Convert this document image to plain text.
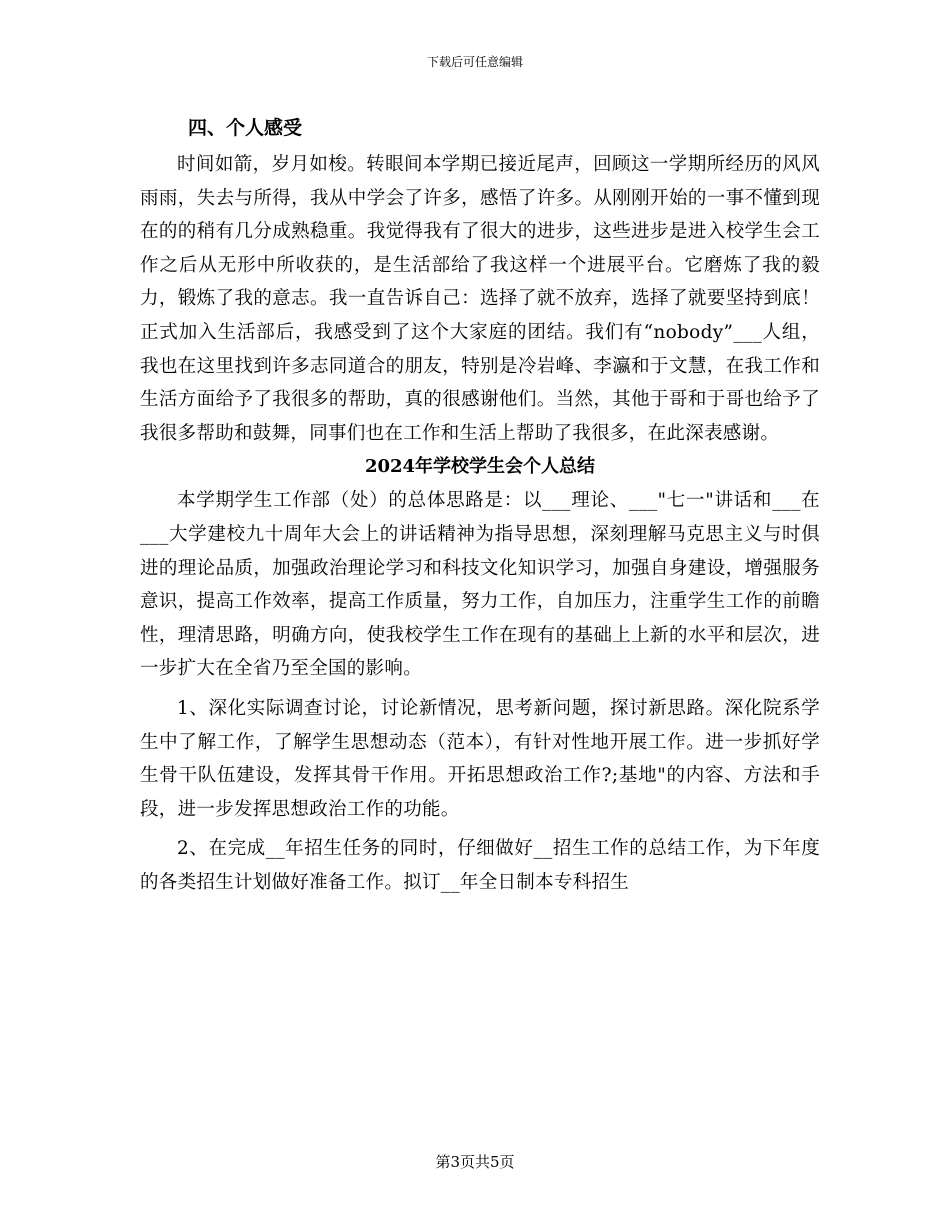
下载后可任意编辑
四、个人感受

时间如箭，岁月如梭。转眼间本学期已接近尾声，回顾这一学期所经历的风风雨雨，失去与所得，我从中学会了许多，感悟了许多。从刚刚开始的一事不懂到现在的的稍有几分成熟稳重。我觉得我有了很大的进步，这些进步是进入校学生会工作之后从无形中所收获的，是生活部给了我这样一个进展平台。它磨炼了我的毅力，锻炼了我的意志。我一直告诉自己：选择了就不放弃，选择了就要坚持到底！正式加入生活部后，我感受到了这个大家庭的团结。我们有“nobody”___人组，我也在这里找到许多志同道合的朋友，特别是冷岩峰、李瀛和于文慧，在我工作和生活方面给予了我很多的帮助，真的很感谢他们。当然，其他于哥和于哥也给予了我很多帮助和鼓舞，同事们也在工作和生活上帮助了我很多，在此深表感谢。

2024年学校学生会个人总结

本学期学生工作部（处）的总体思路是：以___理论、___"七一"讲话和___在___大学建校九十周年大会上的讲话精神为指导思想，深刻理解马克思主义与时俱进的理论品质，加强政治理论学习和科技文化知识学习，加强自身建设，增强服务意识，提高工作效率，提高工作质量，努力工作，自加压力，注重学生工作的前瞻性，理清思路，明确方向，使我校学生工作在现有的基础上上新的水平和层次，进一步扩大在全省乃至全国的影响。

1、深化实际调查讨论，讨论新情况，思考新问题，探讨新思路。深化院系学生中了解工作，了解学生思想动态（范本），有针对性地开展工作。进一步抓好学生骨干队伍建设，发挥其骨干作用。开拓思想政治工作?;基地"的内容、方法和手段，进一步发挥思想政治工作的功能。

2、在完成__年招生任务的同时，仔细做好__招生工作的总结工作，为下年度的各类招生计划做好准备工作。拟订__年全日制本专科招生

第3页共5页
